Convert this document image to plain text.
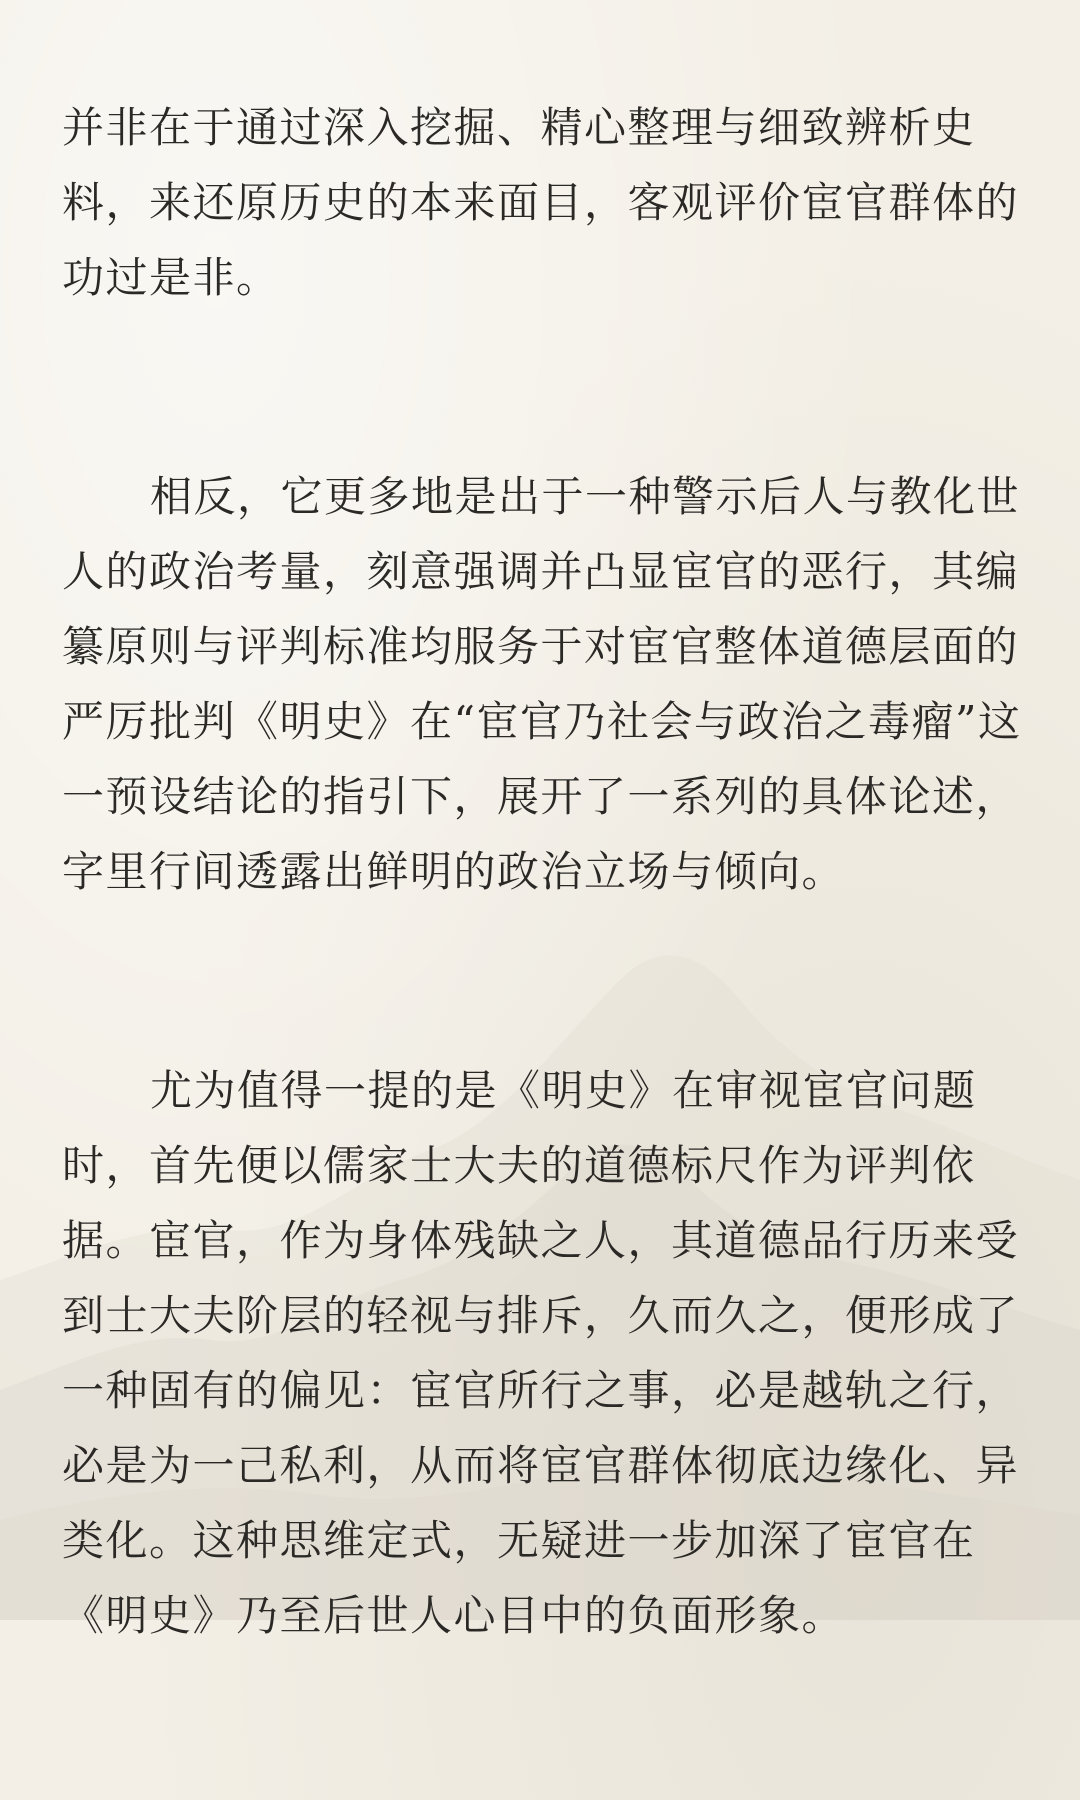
并非在于通过深入挖掘、精心整理与细致辨析史
料，来还原历史的本来面目，客观评价宦官群体的
功过是非。

相反，它更多地是出于一种警示后人与教化世
人的政治考量，刻意强调并凸显宦官的恶行，其编
纂原则与评判标准均服务于对宦官整体道德层面的
严厉批判《明史》在“宦官乃社会与政治之毒瘤”这
一预设结论的指引下，展开了一系列的具体论述，
字里行间透露出鲜明的政治立场与倾向。

尤为值得一提的是《明史》在审视宦官问题
时，首先便以儒家士大夫的道德标尺作为评判依
据。宦官，作为身体残缺之人，其道德品行历来受
到士大夫阶层的轻视与排斥，久而久之，便形成了
一种固有的偏见：宦官所行之事，必是越轨之行，
必是为一己私利，从而将宦官群体彻底边缘化、异
类化。这种思维定式，无疑进一步加深了宦官在
《明史》乃至后世人心目中的负面形象。
